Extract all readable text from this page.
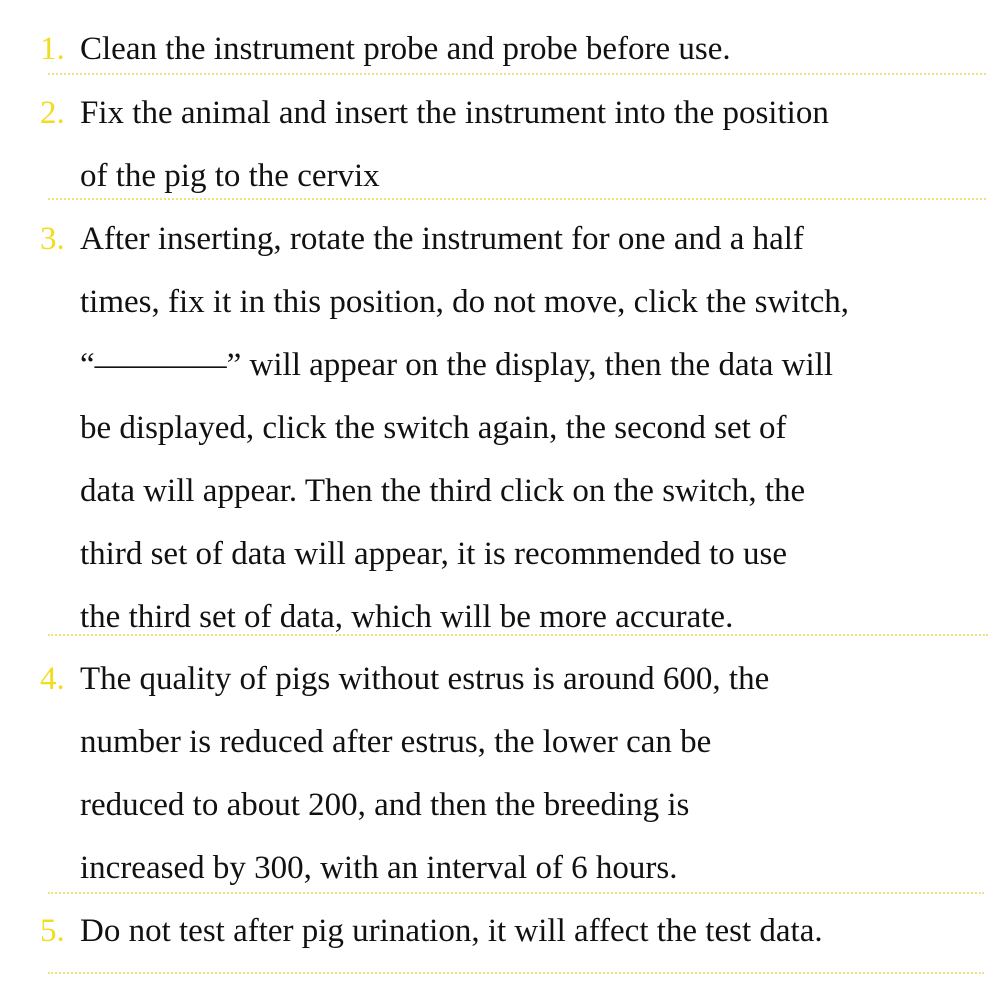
1. Clean the instrument probe and probe before use.
2. Fix the animal and insert the instrument into the position
of the pig to the cervix
3. After inserting, rotate the instrument for one and a half
times, fix it in this position, do not move, click the switch,
“————” will appear on the display, then the data will
be displayed, click the switch again, the second set of
data will appear. Then the third click on the switch, the
third set of data will appear, it is recommended to use
the third set of data, which will be more accurate.
4. The quality of pigs without estrus is around 600, the
number is reduced after estrus, the lower can be
reduced to about 200, and then the breeding is
increased by 300, with an interval of 6 hours.
5. Do not test after pig urination, it will affect the test data.
